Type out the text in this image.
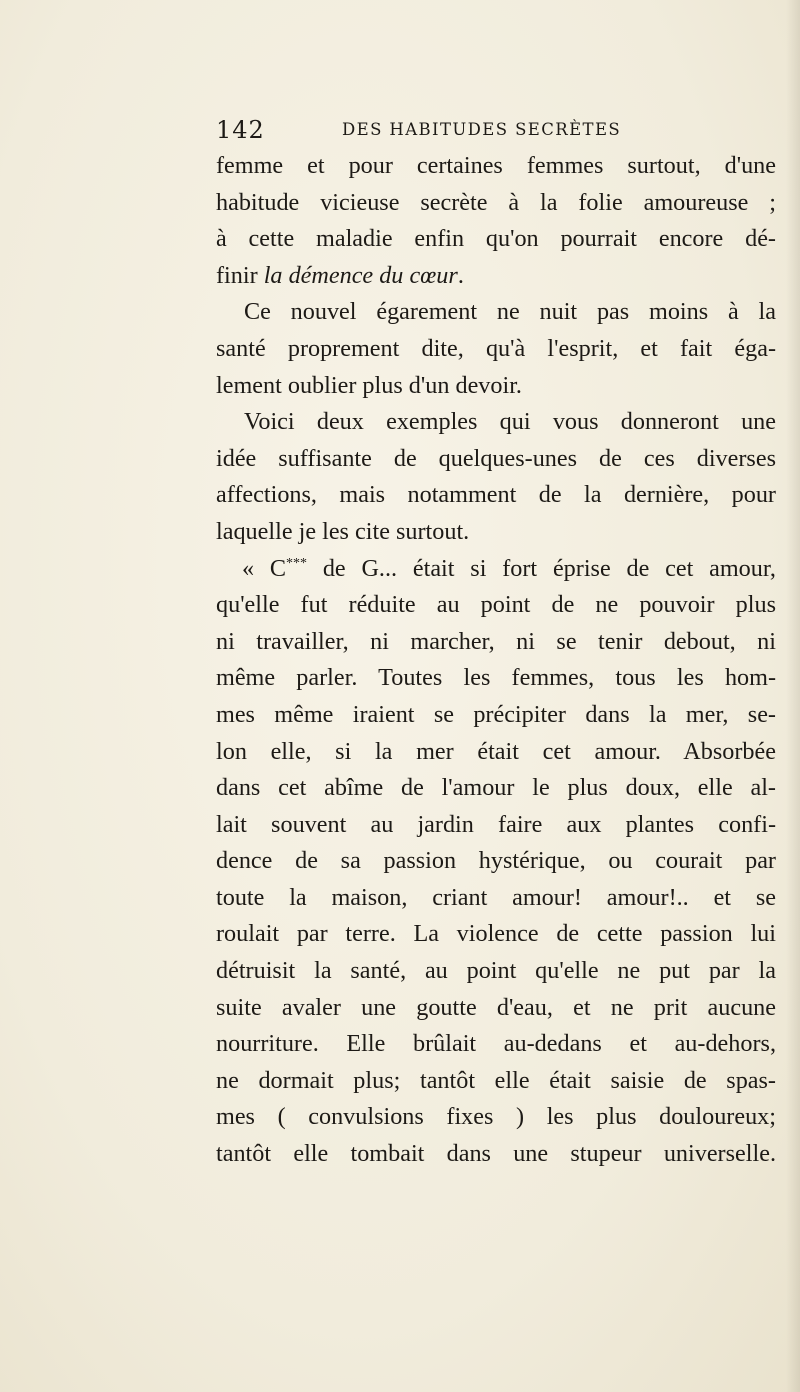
142	DES HABITUDES SECRÈTES
femme et pour certaines femmes surtout, d'une
habitude vicieuse secrète à la folie amoureuse ;
à cette maladie enfin qu'on pourrait encore dé-
finir la démence du cœur.
Ce nouvel égarement ne nuit pas moins à la
santé proprement dite, qu'à l'esprit, et fait éga-
lement oublier plus d'un devoir.
Voici deux exemples qui vous donneront une
idée suffisante de quelques-unes de ces diverses
affections, mais notamment de la dernière, pour
laquelle je les cite surtout.
« C*** de G... était si fort éprise de cet amour,
qu'elle fut réduite au point de ne pouvoir plus
ni travailler, ni marcher, ni se tenir debout, ni
même parler. Toutes les femmes, tous les hom-
mes même iraient se précipiter dans la mer, se-
lon elle, si la mer était cet amour. Absorbée
dans cet abîme de l'amour le plus doux, elle al-
lait souvent au jardin faire aux plantes confi-
dence de sa passion hystérique, ou courait par
toute la maison, criant amour! amour!.. et se
roulait par terre. La violence de cette passion lui
détruisit la santé, au point qu'elle ne put par la
suite avaler une goutte d'eau, et ne prit aucune
nourriture. Elle brûlait au-dedans et au-dehors,
ne dormait plus; tantôt elle était saisie de spas-
mes ( convulsions fixes ) les plus douloureux;
tantôt elle tombait dans une stupeur universelle.
